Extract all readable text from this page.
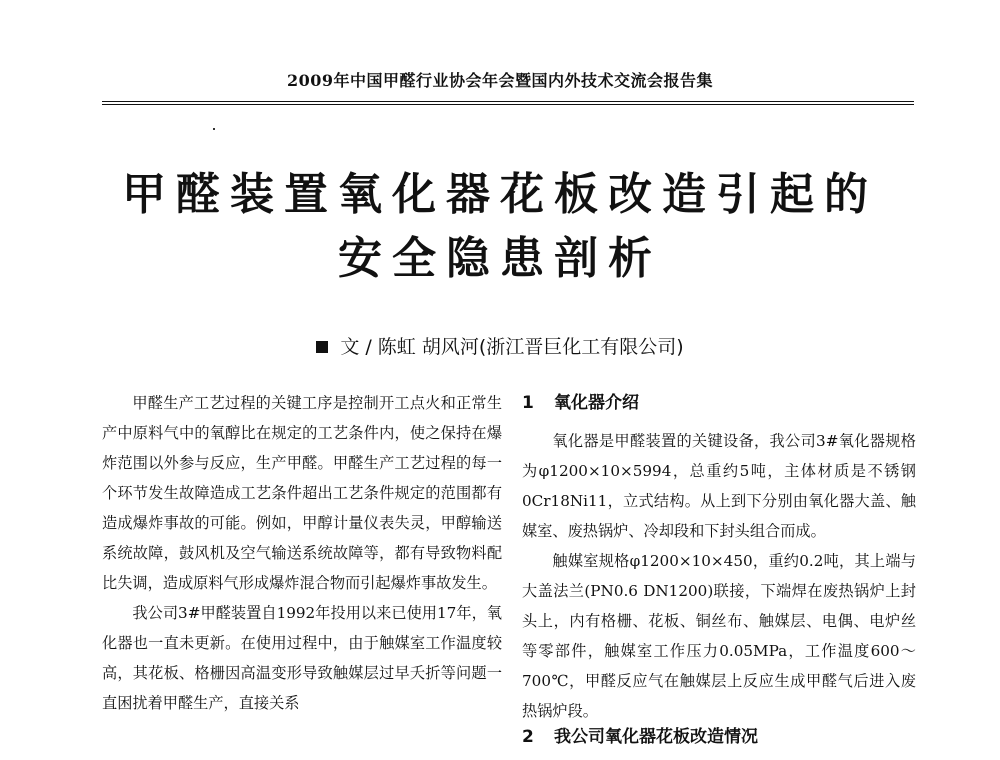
2009年中国甲醛行业协会年会暨国内外技术交流会报告集
甲醛装置氧化器花板改造引起的
安全隐患剖析
文 / 陈虹 胡风河(浙江晋巨化工有限公司)

甲醛生产工艺过程的关键工序是控制开工点火和正常生产中原料气中的氧醇比在规定的工艺条件内，使之保持在爆炸范围以外参与反应，生产甲醛。甲醛生产工艺过程的每一个环节发生故障造成工艺条件超出工艺条件规定的范围都有造成爆炸事故的可能。例如，甲醇计量仪表失灵，甲醇输送系统故障，鼓风机及空气输送系统故障等，都有导致物料配比失调，造成原料气形成爆炸混合物而引起爆炸事故发生。

我公司3#甲醛装置自1992年投用以来已使用17年，氧化器也一直未更新。在使用过程中，由于触媒室工作温度较高，其花板、格栅因高温变形导致触媒层过早夭折等问题一直困扰着甲醛生产，直接关系

1 氧化器介绍

氧化器是甲醛装置的关键设备，我公司3#氧化器规格为φ1200×10×5994，总重约5吨，主体材质是不锈钢0Cr18Ni11，立式结构。从上到下分别由氧化器大盖、触媒室、废热锅炉、冷却段和下封头组合而成。

触媒室规格φ1200×10×450，重约0.2吨，其上端与大盖法兰(PN0.6 DN1200)联接，下端焊在废热锅炉上封头上，内有格栅、花板、铜丝布、触媒层、电偶、电炉丝等零部件，触媒室工作压力0.05MPa，工作温度600～700℃，甲醛反应气在触媒层上反应生成甲醛气后进入废热锅炉段。

2 我公司氧化器花板改造情况
